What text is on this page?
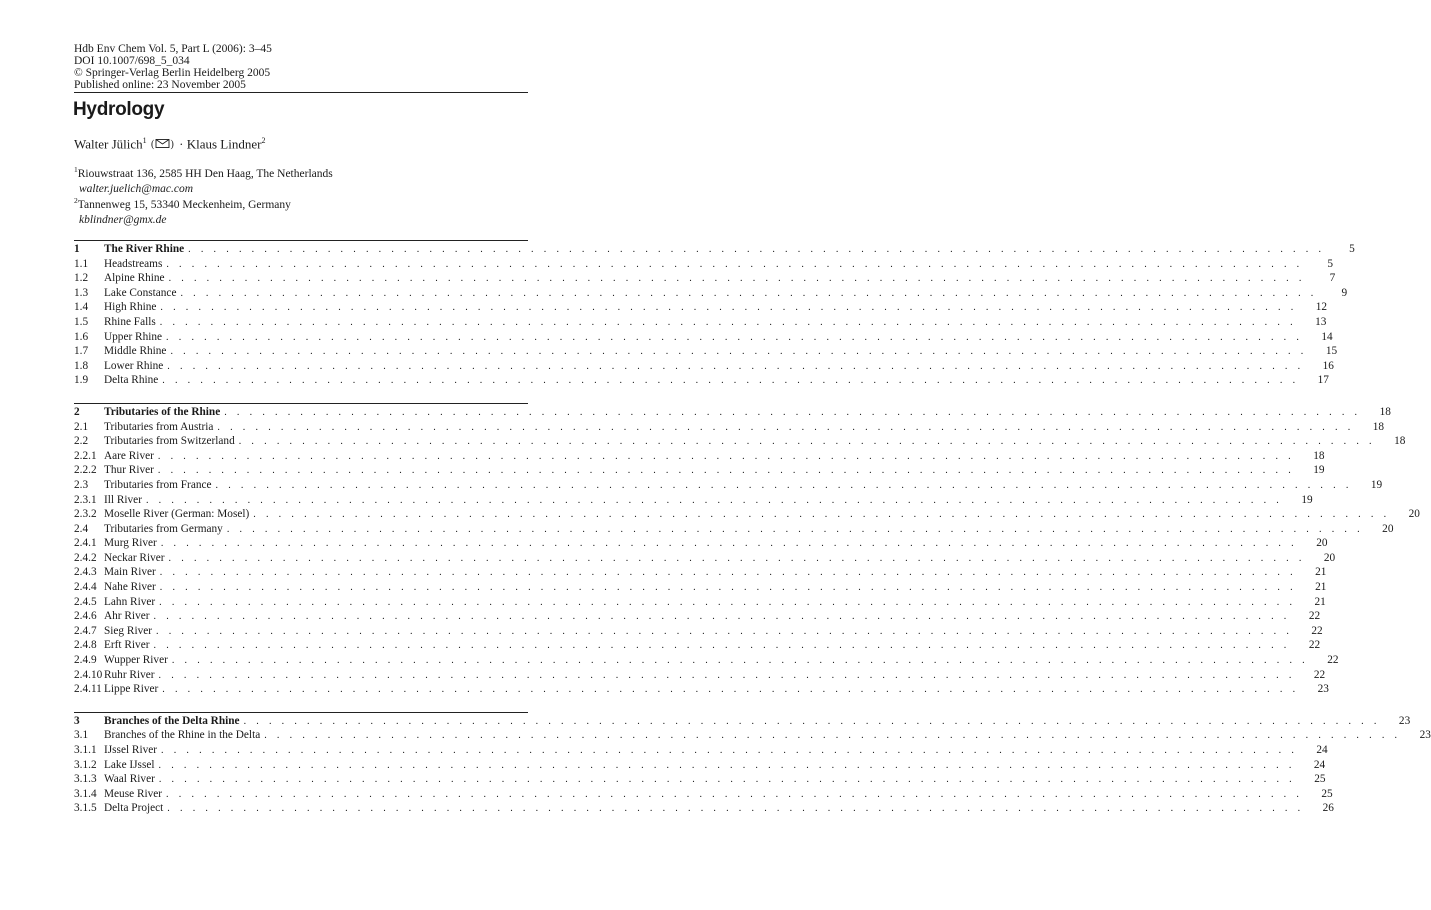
Hdb Env Chem Vol. 5, Part L (2006): 3–45
DOI 10.1007/698_5_034
© Springer-Verlag Berlin Heidelberg 2005
Published online: 23 November 2005
Hydrology
Walter Jülich$^1$ ( ) · Klaus Lindner$^2$
$^1$Riouwstraat 136, 2585 HH Den Haag, The Netherlands
walter.juelich@mac.com
$^2$Tannenweg 15, 53340 Meckenheim, Germany
kblindner@gmx.de
1	The River Rhine . . . . . . . . . . . . . . . . . . . . . . . . . . . . . . . . . . . . . . . . . . . . . . . . . . . . . . . . . . . . . . . . . . . . . . . . . . . . . . . . . . . . . . . . . .	5
1.1	Headstreams . . . . . . . . . . . . . . . . . . . . . . . . . . . . . . . . . . . . . . . . . . . . . . . . . . . . . . . . . . . . . . . . . . . . . . . . . . . . . . . . . . . . . . . . . .	5
1.2	Alpine Rhine . . . . . . . . . . . . . . . . . . . . . . . . . . . . . . . . . . . . . . . . . . . . . . . . . . . . . . . . . . . . . . . . . . . . . . . . . . . . . . . . . . . . . . . . . .	7
1.3	Lake Constance . . . . . . . . . . . . . . . . . . . . . . . . . . . . . . . . . . . . . . . . . . . . . . . . . . . . . . . . . . . . . . . . . . . . . . . . . . . . . . . . . . . . . . . . . .	9
1.4	High Rhine . . . . . . . . . . . . . . . . . . . . . . . . . . . . . . . . . . . . . . . . . . . . . . . . . . . . . . . . . . . . . . . . . . . . . . . . . . . . . . . . . . . . . . . . . .	12
1.5	Rhine Falls . . . . . . . . . . . . . . . . . . . . . . . . . . . . . . . . . . . . . . . . . . . . . . . . . . . . . . . . . . . . . . . . . . . . . . . . . . . . . . . . . . . . . . . . . .	13
1.6	Upper Rhine . . . . . . . . . . . . . . . . . . . . . . . . . . . . . . . . . . . . . . . . . . . . . . . . . . . . . . . . . . . . . . . . . . . . . . . . . . . . . . . . . . . . . . . . . .	14
1.7	Middle Rhine . . . . . . . . . . . . . . . . . . . . . . . . . . . . . . . . . . . . . . . . . . . . . . . . . . . . . . . . . . . . . . . . . . . . . . . . . . . . . . . . . . . . . . . . . .	15
1.8	Lower Rhine . . . . . . . . . . . . . . . . . . . . . . . . . . . . . . . . . . . . . . . . . . . . . . . . . . . . . . . . . . . . . . . . . . . . . . . . . . . . . . . . . . . . . . . . . .	16
1.9	Delta Rhine . . . . . . . . . . . . . . . . . . . . . . . . . . . . . . . . . . . . . . . . . . . . . . . . . . . . . . . . . . . . . . . . . . . . . . . . . . . . . . . . . . . . . . . . . .	17
2	Tributaries of the Rhine . . . . . . . . . . . . . . . . . . . . . . . . . . . . . . . . . . . . . . . . . . . . . . . . . . . . . . . . . . . . . . . . . . . . . . . . . . . . . . . . . . . . . . . . . .	18
2.1	Tributaries from Austria . . . . . . . . . . . . . . . . . . . . . . . . . . . . . . . . . . . . . . . . . . . . . . . . . . . . . . . . . . . . . . . . . . . . . . . . . . . . . . . . . . . . . . . . . .	18
2.2	Tributaries from Switzerland . . . . . . . . . . . . . . . . . . . . . . . . . . . . . . . . . . . . . . . . . . . . . . . . . . . . . . . . . . . . . . . . . . . . . . . . . . . . . . . . . . . . . . . . . .	18
2.2.1 Aare River . . . . . . . . . . . . . . . . . . . . . . . . . . . . . . . . . . . . . . . . . . . . . . . . . . . . . . . . . . . . . . . . . . . . . . . . . . . . . . . . . . . . . . . . . .	18
2.2.2 Thur River . . . . . . . . . . . . . . . . . . . . . . . . . . . . . . . . . . . . . . . . . . . . . . . . . . . . . . . . . . . . . . . . . . . . . . . . . . . . . . . . . . . . . . . . . .	19
2.3	Tributaries from France . . . . . . . . . . . . . . . . . . . . . . . . . . . . . . . . . . . . . . . . . . . . . . . . . . . . . . . . . . . . . . . . . . . . . . . . . . . . . . . . . . . . . . . . . .	19
2.3.1 Ill River . . . . . . . . . . . . . . . . . . . . . . . . . . . . . . . . . . . . . . . . . . . . . . . . . . . . . . . . . . . . . . . . . . . . . . . . . . . . . . . . . . . . . . . . . .	19
2.3.2 Moselle River (German: Mosel) . . . . . . . . . . . . . . . . . . . . . . . . . . . . . . . . . . . . . . . . . . . . . . . . . . . . . . . . . . . . . . . . . . . . . . . . . . . . . . . . . . . . . . . . . .	20
2.4	Tributaries from Germany . . . . . . . . . . . . . . . . . . . . . . . . . . . . . . . . . . . . . . . . . . . . . . . . . . . . . . . . . . . . . . . . . . . . . . . . . . . . . . . . . . . . . . . . . .	20
2.4.1 Murg River . . . . . . . . . . . . . . . . . . . . . . . . . . . . . . . . . . . . . . . . . . . . . . . . . . . . . . . . . . . . . . . . . . . . . . . . . . . . . . . . . . . . . . . . . .	20
2.4.2 Neckar River . . . . . . . . . . . . . . . . . . . . . . . . . . . . . . . . . . . . . . . . . . . . . . . . . . . . . . . . . . . . . . . . . . . . . . . . . . . . . . . . . . . . . . . . . .	20
2.4.3 Main River . . . . . . . . . . . . . . . . . . . . . . . . . . . . . . . . . . . . . . . . . . . . . . . . . . . . . . . . . . . . . . . . . . . . . . . . . . . . . . . . . . . . . . . . . .	21
2.4.4 Nahe River . . . . . . . . . . . . . . . . . . . . . . . . . . . . . . . . . . . . . . . . . . . . . . . . . . . . . . . . . . . . . . . . . . . . . . . . . . . . . . . . . . . . . . . . . .	21
2.4.5 Lahn River . . . . . . . . . . . . . . . . . . . . . . . . . . . . . . . . . . . . . . . . . . . . . . . . . . . . . . . . . . . . . . . . . . . . . . . . . . . . . . . . . . . . . . . . . .	21
2.4.6 Ahr River . . . . . . . . . . . . . . . . . . . . . . . . . . . . . . . . . . . . . . . . . . . . . . . . . . . . . . . . . . . . . . . . . . . . . . . . . . . . . . . . . . . . . . . . . .	22
2.4.7 Sieg River . . . . . . . . . . . . . . . . . . . . . . . . . . . . . . . . . . . . . . . . . . . . . . . . . . . . . . . . . . . . . . . . . . . . . . . . . . . . . . . . . . . . . . . . . .	22
2.4.8 Erft River . . . . . . . . . . . . . . . . . . . . . . . . . . . . . . . . . . . . . . . . . . . . . . . . . . . . . . . . . . . . . . . . . . . . . . . . . . . . . . . . . . . . . . . . . .	22
2.4.9 Wupper River . . . . . . . . . . . . . . . . . . . . . . . . . . . . . . . . . . . . . . . . . . . . . . . . . . . . . . . . . . . . . . . . . . . . . . . . . . . . . . . . . . . . . . . . . .	22
2.4.10 Ruhr River . . . . . . . . . . . . . . . . . . . . . . . . . . . . . . . . . . . . . . . . . . . . . . . . . . . . . . . . . . . . . . . . . . . . . . . . . . . . . . . . . . . . . . . . . .	22
2.4.11 Lippe River . . . . . . . . . . . . . . . . . . . . . . . . . . . . . . . . . . . . . . . . . . . . . . . . . . . . . . . . . . . . . . . . . . . . . . . . . . . . . . . . . . . . . . . . . .	23
3	Branches of the Delta Rhine . . . . . . . . . . . . . . . . . . . . . . . . . . . . . . . . . . . . . . . . . . . . . . . . . . . . . . . . . . . . . . . . . . . . . . . . . . . . . . . . . . . . . . . . . .	23
3.1	Branches of the Rhine in the Delta . . . . . . . . . . . . . . . . . . . . . . . . . . . . . . . . . . . . . . . . . . . . . . . . . . . . . . . . . . . . . . . . . . . . . . . . . . . . . . . . . . . . . . . . . .	23
3.1.1 IJssel River . . . . . . . . . . . . . . . . . . . . . . . . . . . . . . . . . . . . . . . . . . . . . . . . . . . . . . . . . . . . . . . . . . . . . . . . . . . . . . . . . . . . . . . . . .	24
3.1.2 Lake IJssel . . . . . . . . . . . . . . . . . . . . . . . . . . . . . . . . . . . . . . . . . . . . . . . . . . . . . . . . . . . . . . . . . . . . . . . . . . . . . . . . . . . . . . . . . .	24
3.1.3 Waal River . . . . . . . . . . . . . . . . . . . . . . . . . . . . . . . . . . . . . . . . . . . . . . . . . . . . . . . . . . . . . . . . . . . . . . . . . . . . . . . . . . . . . . . . . .	25
3.1.4 Meuse River . . . . . . . . . . . . . . . . . . . . . . . . . . . . . . . . . . . . . . . . . . . . . . . . . . . . . . . . . . . . . . . . . . . . . . . . . . . . . . . . . . . . . . . . . .	25
3.1.5 Delta Project . . . . . . . . . . . . . . . . . . . . . . . . . . . . . . . . . . . . . . . . . . . . . . . . . . . . . . . . . . . . . . . . . . . . . . . . . . . . . . . . . . . . . . . . . .	26
